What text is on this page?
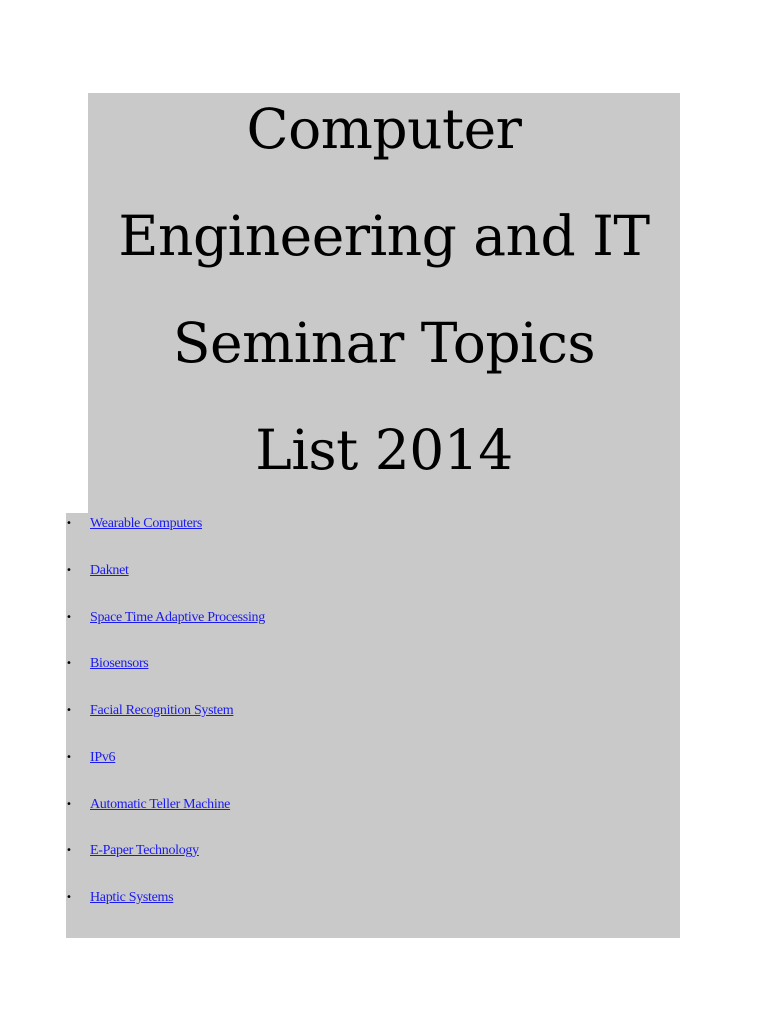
Computer
Engineering and IT
Seminar Topics
List 2014
• Wearable Computers
• Daknet
• Space Time Adaptive Processing
• Biosensors
• Facial Recognition System
• IPv6
• Automatic Teller Machine
• E-Paper Technology
• Haptic Systems
